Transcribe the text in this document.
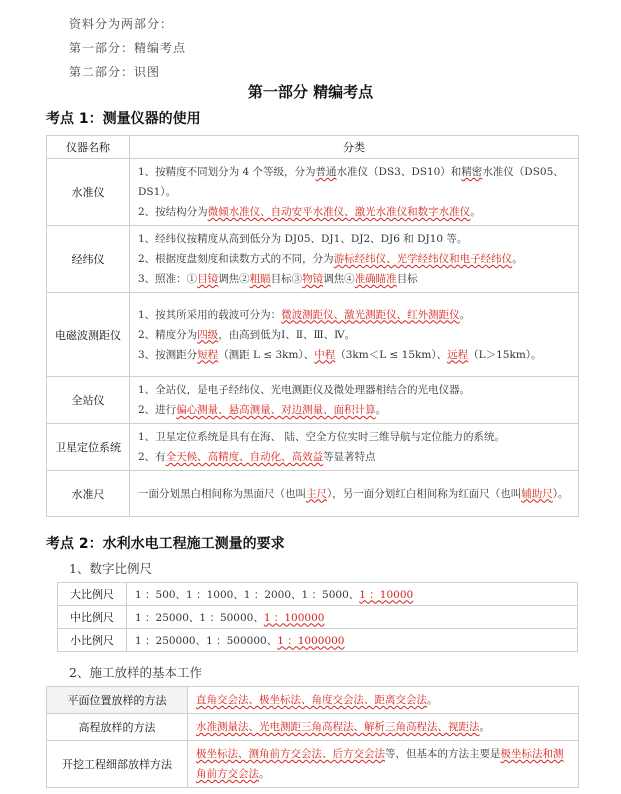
资料分为两部分：
第一部分：精编考点
第二部分：识图
第一部分 精编考点
考点 1：测量仪器的使用
仪器名称	分类
水准仪	1、按精度不同划分为 4 个等级，分为普通水准仪（DS3、DS10）和精密水准仪（DS05、DS1）。

2、按结构分为微倾水准仪、自动安平水准仪、激光水准仪和数字水准仪。

经纬仪	1、经纬仪按精度从高到低分为 DJ05、DJ1、DJ2、DJ6 和 DJ10 等。

2、根据度盘刻度和读数方式的不同，分为游标经纬仪、光学经纬仪和电子经纬仪。

3、照准：①目镜调焦②粗瞄目标③物镜调焦④准确瞄准目标

电磁波测距仪	1、按其所采用的载波可分为：微波测距仪、激光测距仪、红外测距仪。

2、精度分为四级，由高到低为Ⅰ、Ⅱ、Ⅲ、Ⅳ。

3、按测距分短程（测距 L ≤ 3km）、中程（3km＜L ≤ 15km）、远程（L＞15km）。

全站仪	1、全站仪，是电子经纬仪、光电测距仪及微处理器相结合的光电仪器。

2、进行偏心测量、悬高测量、对边测量、面积计算。

卫星定位系统	1、卫星定位系统是具有在海、 陆、空全方位实时三维导航与定位能力的系统。

2、有全天候、高精度、自动化、高效益等显著特点

水准尺	一面分划黑白相间称为黑面尺（也叫主尺），另一面分划红白相间称为红面尺（也叫辅助尺）。

考点 2：水利水电工程施工测量的要求
1、数字比例尺
大比例尺	1 ：500、1 ：1000、1 ：2000、1 ：5000、1 ：10000
中比例尺	1 ：25000、1 ：50000、1 ：100000
小比例尺	1 ：250000、1 ：500000、1 ：1000000
2、施工放样的基本工作
平面位置放样的方法	直角交会法、极坐标法、角度交会法、距离交会法。
高程放样的方法	水准测量法、光电测距三角高程法、解析三角高程法、视距法。
开挖工程细部放样方法	极坐标法、测角前方交会法、后方交会法等，但基本的方法主要是极坐标法和测角前方交会法。
